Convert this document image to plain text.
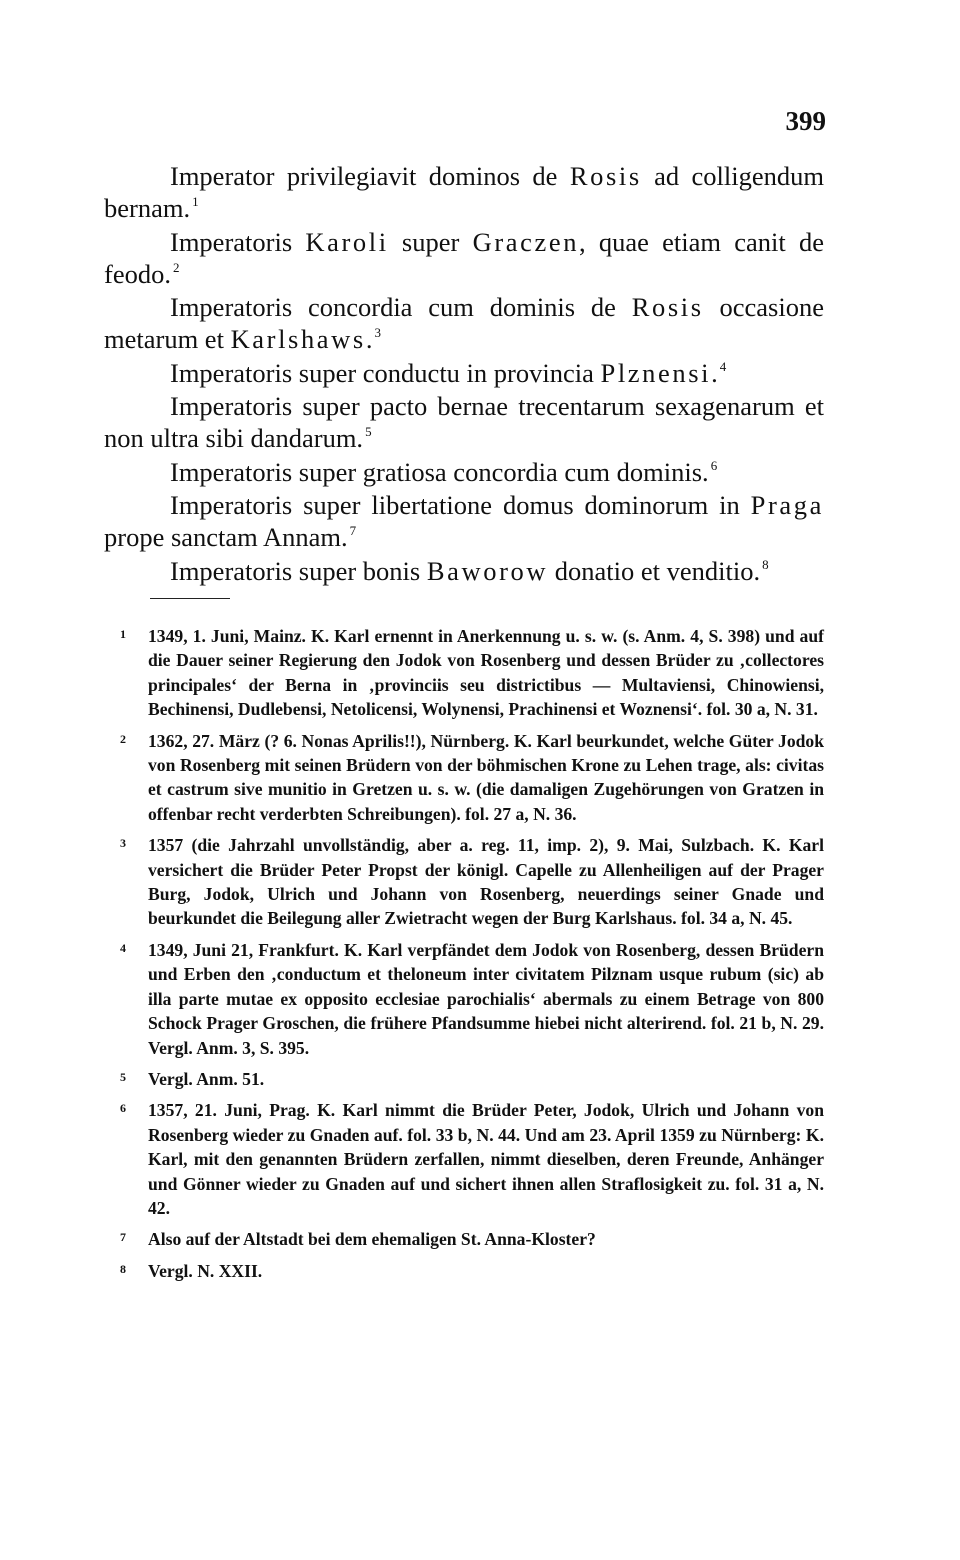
399

Imperator privilegiavit dominos de Rosis ad colligendum bernam. $^1$

Imperatoris Karoli super Graczen, quae etiam canit de feodo. $^2$

Imperatoris concordia cum dominis de Rosis occasione metarum et Karlshaws. $^3$

Imperatoris super conductu in provincia Plznensi. $^4$

Imperatoris super pacto bernae trecentarum sexagenarum et non ultra sibi dandarum. $^5$

Imperatoris super gratiosa concordia cum dominis. $^6$

Imperatoris super libertatione domus dominorum in Praga prope sanctam Annam. $^7$

Imperatoris super bonis Baworow donatio et venditio. $^8$

1 1349, 1. Juni, Mainz. K. Karl ernennt in Anerkennung u. s. w. (s. Anm. 4, S. 398) und auf die Dauer seiner Regierung den Jodok von Rosenberg und dessen Brüder zu ‚collectores principales‘ der Berna in ‚provinciis seu districtibus — Multaviensi, Chinowiensi, Bechinensi, Dudlebensi, Netolicensi, Wolynensi, Prachinensi et Woznensi‘. fol. 30 a, N. 31.
2 1362, 27. März (? 6. Nonas Aprilis!!), Nürnberg. K. Karl beurkundet, welche Güter Jodok von Rosenberg mit seinen Brüdern von der böhmischen Krone zu Lehen trage, als: civitas et castrum sive munitio in Gretzen u. s. w. (die damaligen Zugehörungen von Gratzen in offenbar recht verderbten Schreibungen). fol. 27 a, N. 36.
3 1357 (die Jahrzahl unvollständig, aber a. reg. 11, imp. 2), 9. Mai, Sulzbach. K. Karl versichert die Brüder Peter Propst der königl. Capelle zu Allenheiligen auf der Prager Burg, Jodok, Ulrich und Johann von Rosenberg, neuerdings seiner Gnade und beurkundet die Beilegung aller Zwietracht wegen der Burg Karlshaus. fol. 34 a, N. 45.
4 1349, Juni 21, Frankfurt. K. Karl verpfändet dem Jodok von Rosenberg, dessen Brüdern und Erben den ‚conductum et theloneum inter civitatem Pilznam usque rubum (sic) ab illa parte mutae ex opposito ecclesiae parochialis‘ abermals zu einem Betrage von 800 Schock Prager Groschen, die frühere Pfandsumme hiebei nicht alterirend. fol. 21 b, N. 29. Vergl. Anm. 3, S. 395.
5 Vergl. Anm. 51.
6 1357, 21. Juni, Prag. K. Karl nimmt die Brüder Peter, Jodok, Ulrich und Johann von Rosenberg wieder zu Gnaden auf. fol. 33 b, N. 44. Und am 23. April 1359 zu Nürnberg: K. Karl, mit den genannten Brüdern zerfallen, nimmt dieselben, deren Freunde, Anhänger und Gönner wieder zu Gnaden auf und sichert ihnen allen Straflosigkeit zu. fol. 31 a, N. 42.
7 Also auf der Altstadt bei dem ehemaligen St. Anna-Kloster?
8 Vergl. N. XXII.
